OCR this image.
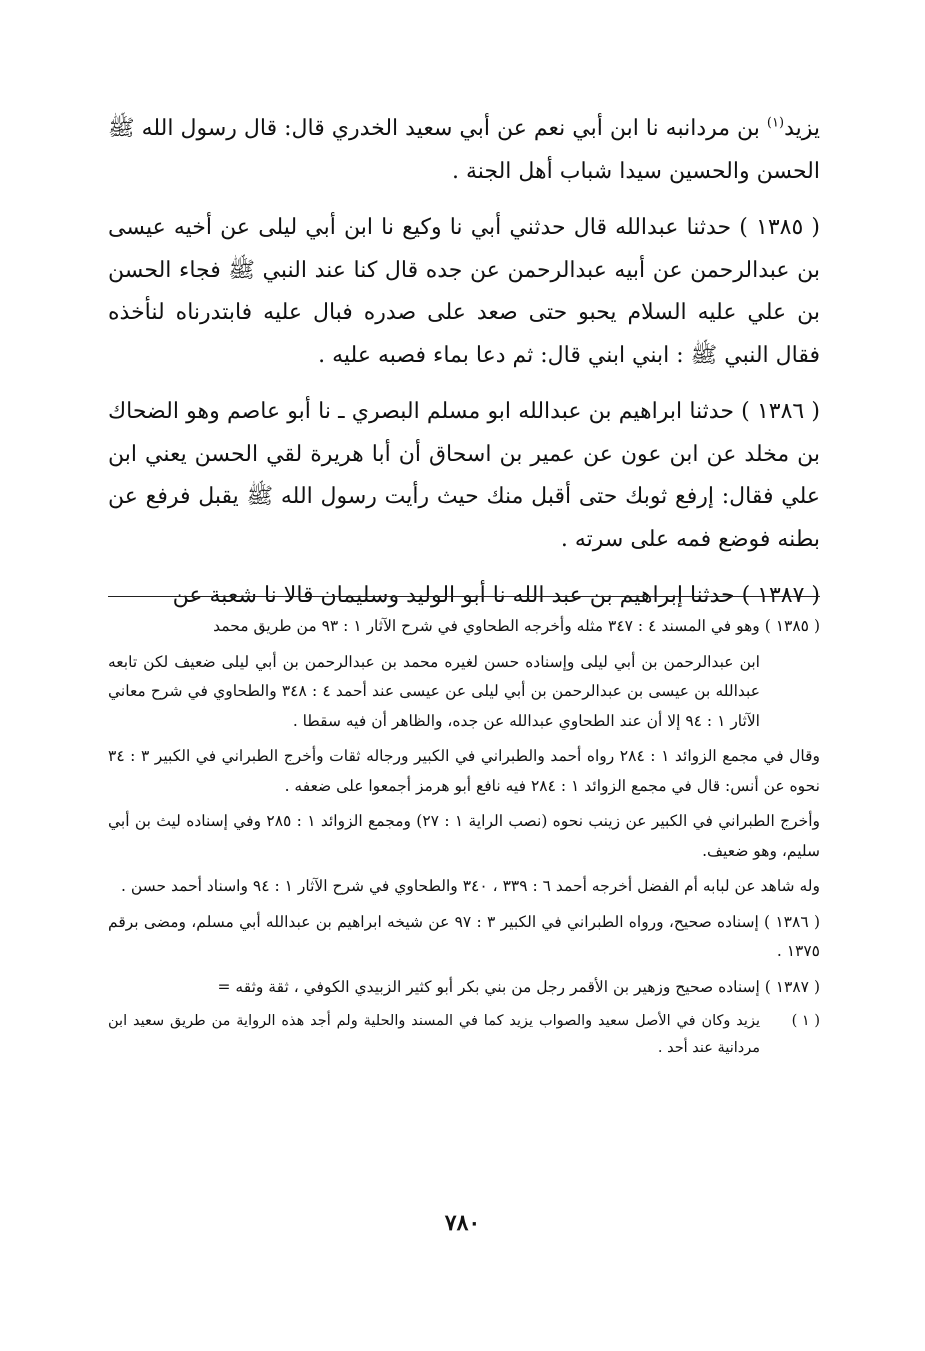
يزيد$^{(١)}$ بن مردانبه نا ابن أبي نعم عن أبي سعيد الخدري قال: قال رسول الله ﷺ الحسن والحسين سيدا شباب أهل الجنة .

( ١٣٨٥ ) حدثنا عبدالله قال حدثني أبي نا وكيع نا ابن أبي ليلى عن أخيه عيسى بن عبدالرحمن عن أبيه عبدالرحمن عن جده قال كنا عند النبي ﷺ فجاء الحسن بن علي عليه السلام يحبو حتى صعد على صدره فبال عليه فابتدرناه لنأخذه فقال النبي ﷺ : ابني ابني قال: ثم دعا بماء فصبه عليه .

( ١٣٨٦ ) حدثنا ابراهيم بن عبدالله ابو مسلم البصري ـ نا أبو عاصم وهو الضحاك بن مخلد عن ابن عون عن عمير بن اسحاق أن أبا هريرة لقي الحسن يعني ابن علي فقال: إرفع ثوبك حتى أقبل منك حيث رأيت رسول الله ﷺ يقبل فرفع عن بطنه فوضع فمه على سرته .

( ١٣٨٧ ) حدثنا إبراهيم بن عبد الله نا أبو الوليد وسليمان قالا نا شعبة عن

( ١٣٨٥ ) وهو في المسند ٤ : ٣٤٧ مثله وأخرجه الطحاوي في شرح الآثار ١ : ٩٣ من طريق محمد

ابن عبدالرحمن بن أبي ليلى وإسناده حسن لغيره محمد بن عبدالرحمن بن أبي ليلى ضعيف لكن تابعه عبدالله بن عيسى بن عبدالرحمن بن أبي ليلى عن عيسى عند أحمد ٤ : ٣٤٨ والطحاوي في شرح معاني الآثار ١ : ٩٤ إلا أن عند الطحاوي عبدالله عن جده، والظاهر أن فيه سقطا .

وقال في مجمع الزوائد ١ : ٢٨٤ رواه أحمد والطبراني في الكبير ورجاله ثقات وأخرج الطبراني في الكبير ٣ : ٣٤ نحوه عن أنس: قال في مجمع الزوائد ١ : ٢٨٤ فيه نافع أبو هرمز أجمعوا على ضعفه .

وأخرج الطبراني في الكبير عن زينب نحوه (نصب الراية ١ : ٢٧) ومجمع الزوائد ١ : ٢٨٥ وفي إسناده ليث بن أبي سليم، وهو ضعيف.

وله شاهد عن لبابه أم الفضل أخرجه أحمد ٦ : ٣٣٩ ، ٣٤٠ والطحاوي في شرح الآثار ١ : ٩٤ واسناد أحمد حسن .

( ١٣٨٦ ) إسناده صحيح، ورواه الطبراني في الكبير ٣ : ٩٧ عن شيخه ابراهيم بن عبدالله أبي مسلم، ومضى برقم ١٣٧٥ .

( ١٣٨٧ ) إسناده صحيح وزهير بن الأقمر رجل من بني بكر أبو كثير الزبيدي الكوفي ، ثقة وثقه =

( ١ )
يزيد وكان في الأصل سعيد والصواب يزيد كما في المسند والحلية ولم أجد هذه الرواية من طريق سعيد ابن مردانية عند أحد .
٧٨٠
